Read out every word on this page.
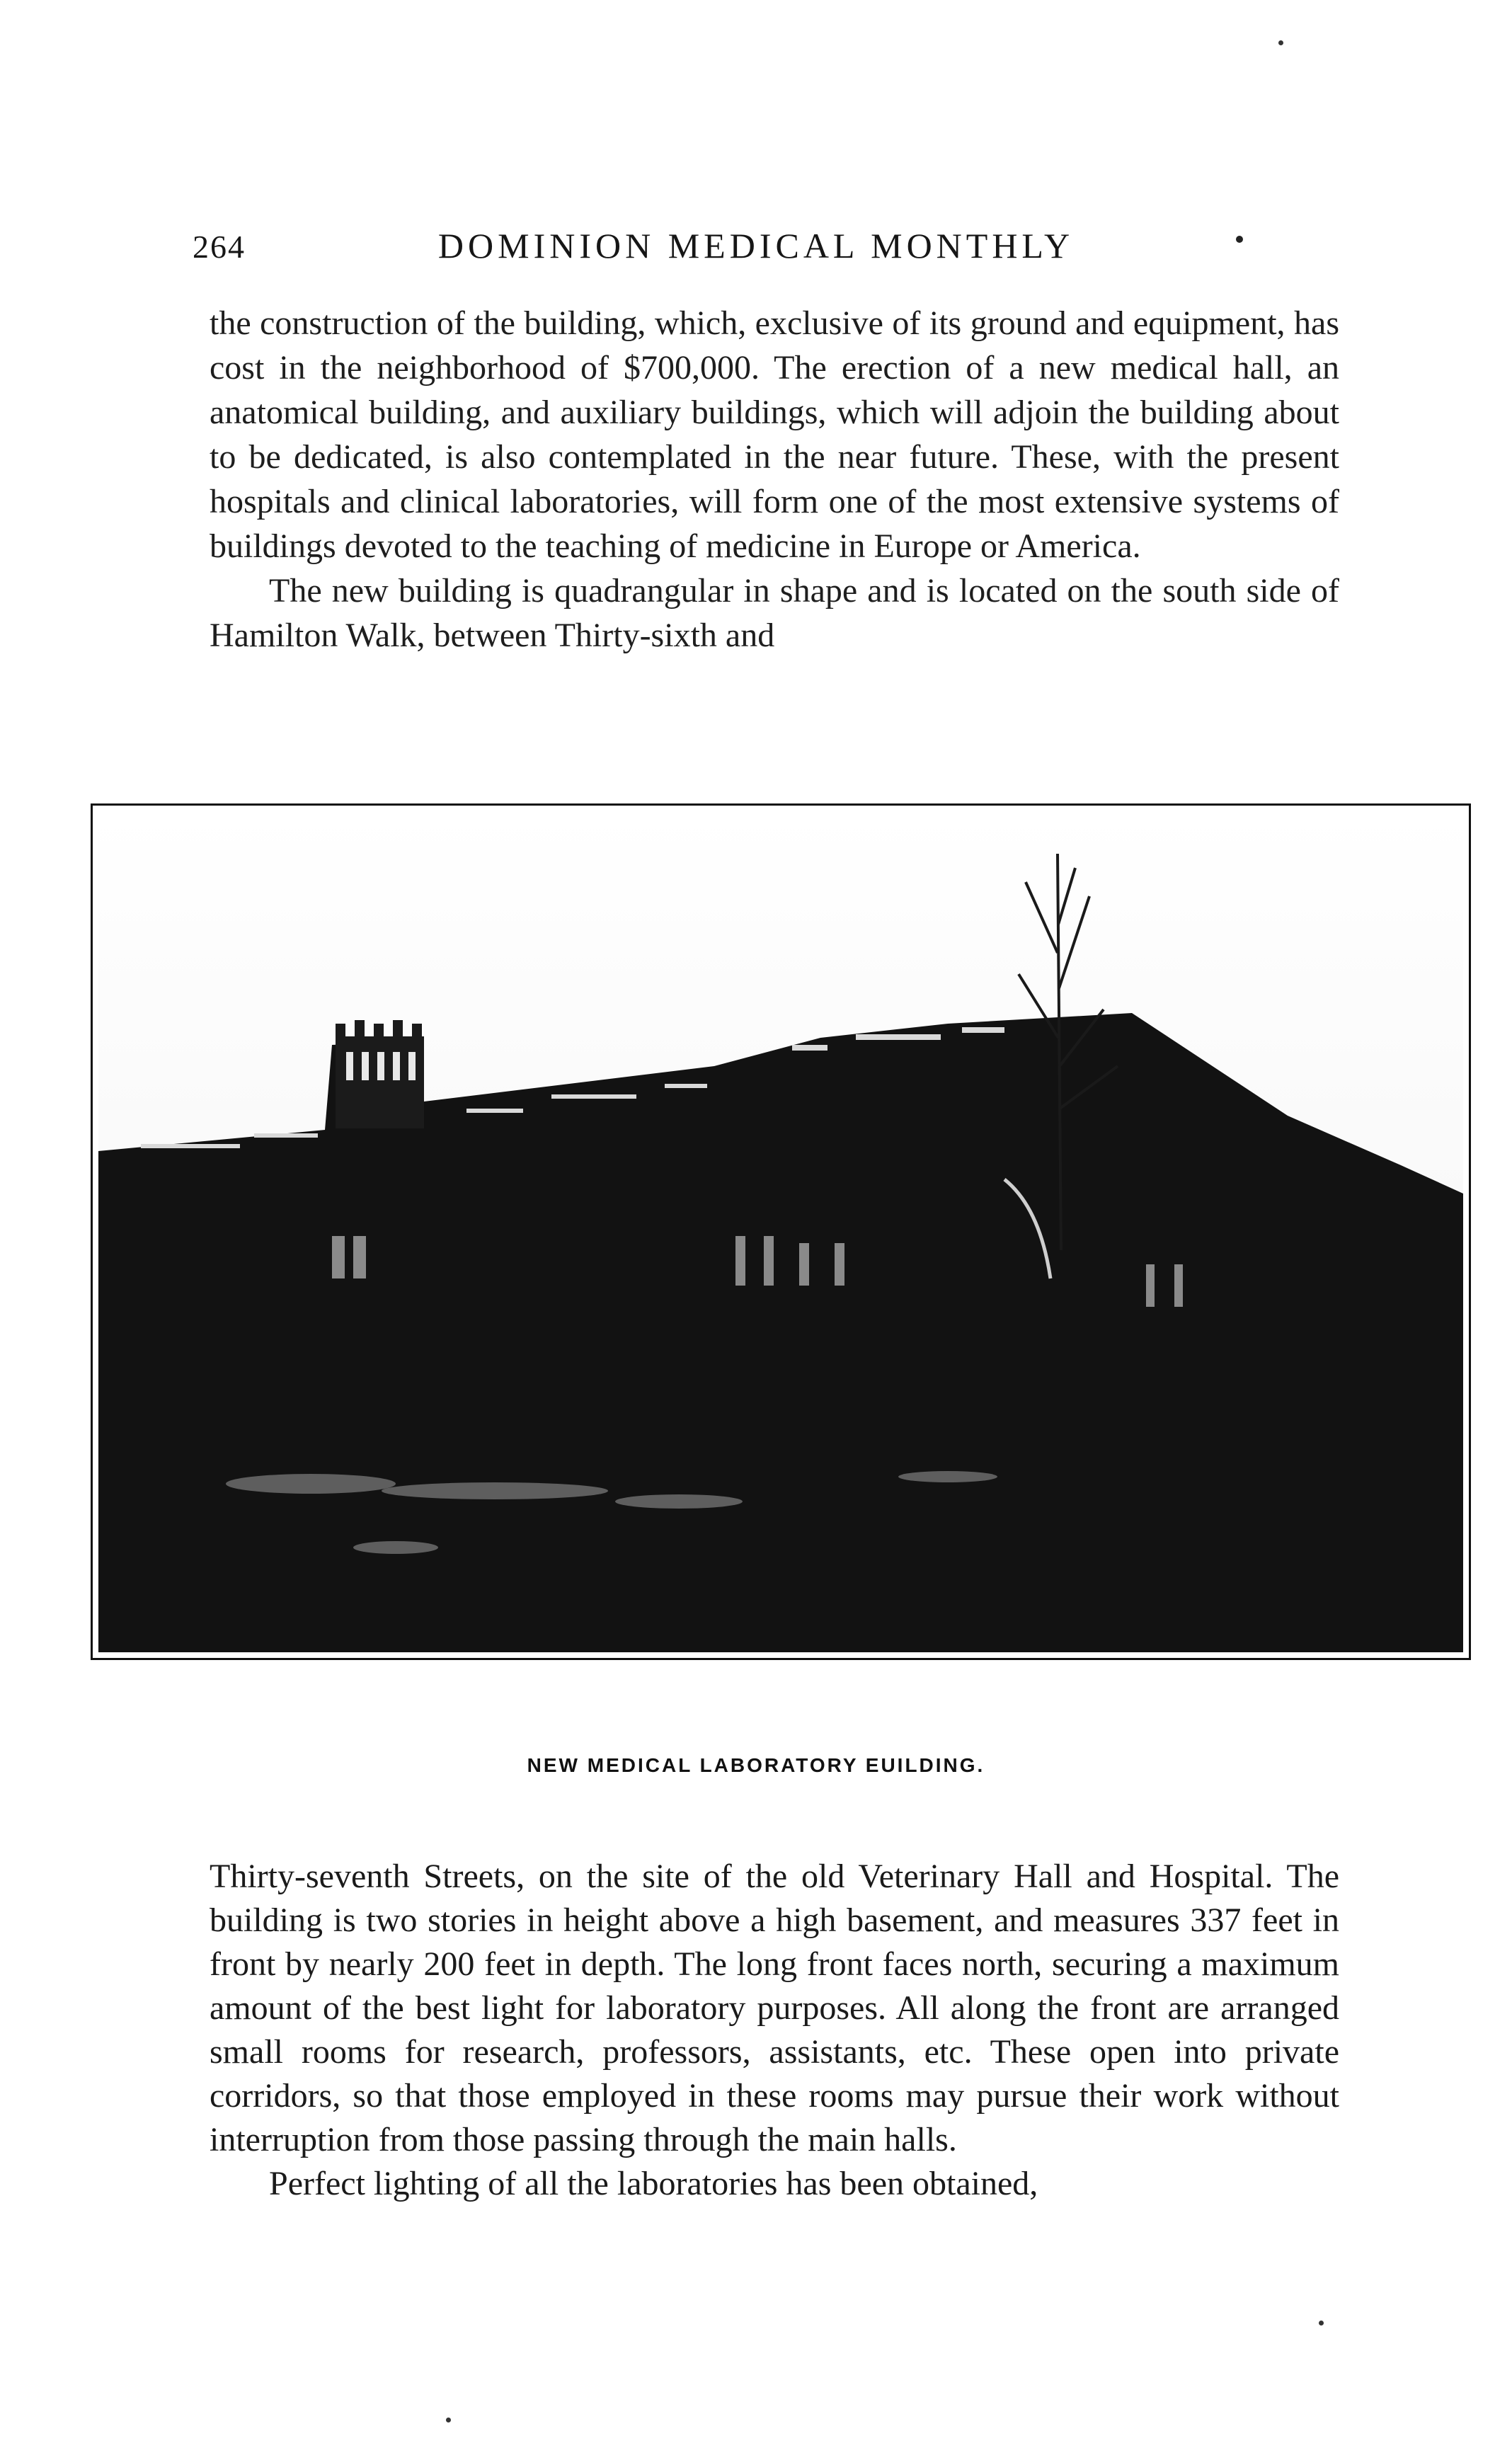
264	DOMINION MEDICAL MONTHLY

the construction of the building, which, exclusive of its ground and equipment, has cost in the neighborhood of $700,000. The erection of a new medical hall, an anatomical building, and auxiliary buildings, which will adjoin the building about to be dedicated, is also contemplated in the near future. These, with the present hospitals and clinical laboratories, will form one of the most extensive systems of buildings devoted to the teaching of medicine in Europe or America.

The new building is quadrangular in shape and is located on the south side of Hamilton Walk, between Thirty-sixth and

NEW MEDICAL LABORATORY EUILDING.

Thirty-seventh Streets, on the site of the old Veterinary Hall and Hospital. The building is two stories in height above a high basement, and measures 337 feet in front by nearly 200 feet in depth. The long front faces north, securing a maximum amount of the best light for laboratory purposes. All along the front are arranged small rooms for research, professors, assistants, etc. These open into private corridors, so that those employed in these rooms may pursue their work without interruption from those passing through the main halls.

Perfect lighting of all the laboratories has been obtained,
